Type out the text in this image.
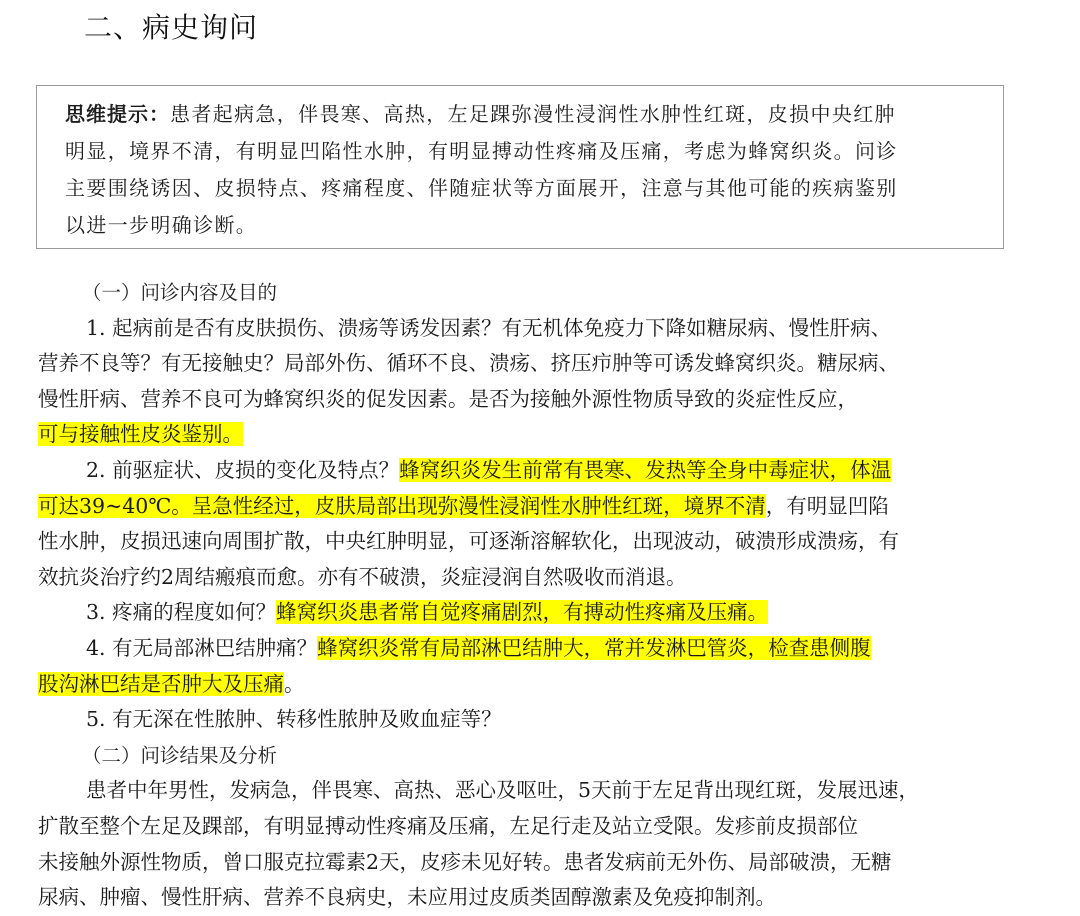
二、病史询问
思维提示：患者起病急，伴畏寒、高热，左足踝弥漫性浸润性水肿性红斑，皮损中央红肿
明显，境界不清，有明显凹陷性水肿，有明显搏动性疼痛及压痛，考虑为蜂窝织炎。问诊
主要围绕诱因、皮损特点、疼痛程度、伴随症状等方面展开，注意与其他可能的疾病鉴别
以进一步明确诊断。
（一）问诊内容及目的
1. 起病前是否有皮肤损伤、溃疡等诱发因素？有无机体免疫力下降如糖尿病、慢性肝病、
营养不良等？有无接触史？局部外伤、循环不良、溃疡、挤压疖肿等可诱发蜂窝织炎。糖尿病、
慢性肝病、营养不良可为蜂窝织炎的促发因素。是否为接触外源性物质导致的炎症性反应，
可与接触性皮炎鉴别。
2. 前驱症状、皮损的变化及特点？蜂窝织炎发生前常有畏寒、发热等全身中毒症状，体温
可达39~40℃。呈急性经过，皮肤局部出现弥漫性浸润性水肿性红斑，境界不清，有明显凹陷
性水肿，皮损迅速向周围扩散，中央红肿明显，可逐渐溶解软化，出现波动，破溃形成溃疡，有
效抗炎治疗约2周结瘢痕而愈。亦有不破溃，炎症浸润自然吸收而消退。
3. 疼痛的程度如何？蜂窝织炎患者常自觉疼痛剧烈，有搏动性疼痛及压痛。
4. 有无局部淋巴结肿痛？蜂窝织炎常有局部淋巴结肿大，常并发淋巴管炎，检查患侧腹
股沟淋巴结是否肿大及压痛。
5. 有无深在性脓肿、转移性脓肿及败血症等？
（二）问诊结果及分析
患者中年男性，发病急，伴畏寒、高热、恶心及呕吐，5天前于左足背出现红斑，发展迅速，
扩散至整个左足及踝部，有明显搏动性疼痛及压痛，左足行走及站立受限。发疹前皮损部位
未接触外源性物质，曾口服克拉霉素2天，皮疹未见好转。患者发病前无外伤、局部破溃，无糖
尿病、肿瘤、慢性肝病、营养不良病史，未应用过皮质类固醇激素及免疫抑制剂。
